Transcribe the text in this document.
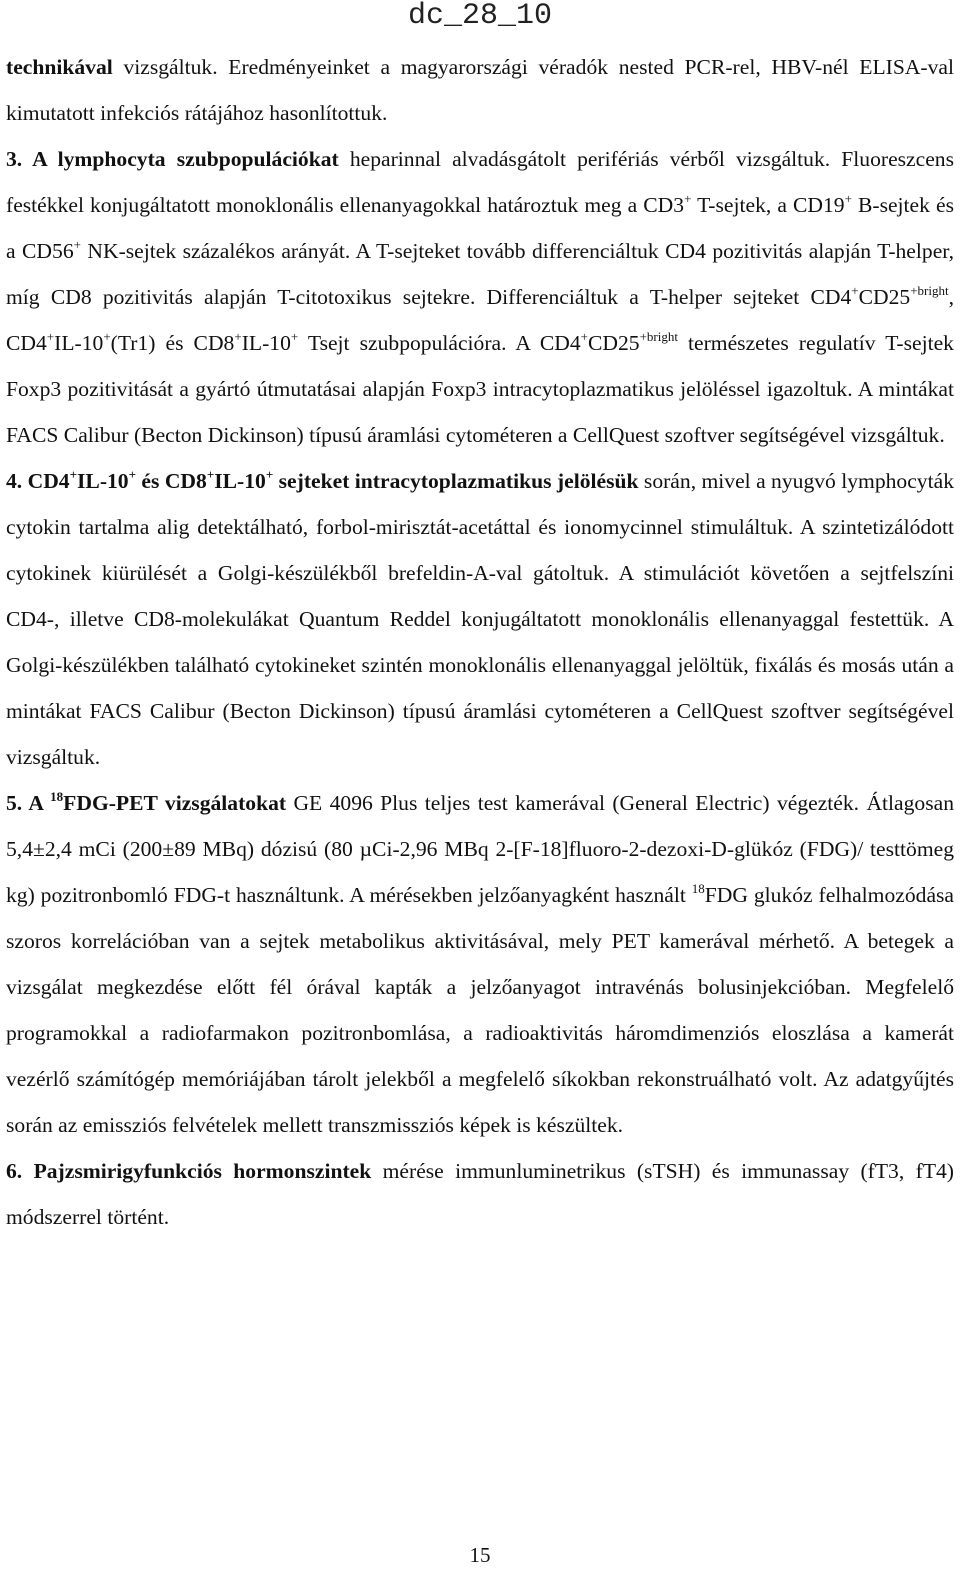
dc_28_10

technikával vizsgáltuk. Eredményeinket a magyarországi véradók nested PCR-rel, HBV-nél ELISA-val kimutatott infekciós rátájához hasonlítottuk.

3. A lymphocyta szubpopulációkat heparinnal alvadásgátolt perifériás vérből vizsgáltuk. Fluoreszcens festékkel konjugáltatott monoklonális ellenanyagokkal határoztuk meg a CD3+ T-sejtek, a CD19+ B-sejtek és a CD56+ NK-sejtek százalékos arányát. A T-sejteket tovább differenciáltuk CD4 pozitivitás alapján T-helper, míg CD8 pozitivitás alapján T-citotoxikus sejtekre. Differenciáltuk a T-helper sejteket $CD4^+CD25^{+bright}$, CD4+IL-10+(Tr1) és CD8+IL-10+ Tsejt szubpopulációra. A $CD4^+CD25^{+bright}$ természetes regulatív T-sejtek Foxp3 pozitivitását a gyártó útmutatásai alapján Foxp3 intracytoplazmatikus jelöléssel igazoltuk. A mintákat FACS Calibur (Becton Dickinson) típusú áramlási cytométeren a CellQuest szoftver segítségével vizsgáltuk.

4. CD4+IL-10+ és CD8+IL-10+ sejteket intracytoplazmatikus jelölésük során, mivel a nyugvó lymphocyták cytokin tartalma alig detektálható, forbol-mirisztát-acetáttal és ionomycinnel stimuláltuk. A szintetizálódott cytokinek kiürülését a Golgi-készülékből brefeldin-A-val gátoltuk. A stimulációt követően a sejtfelszíni CD4-, illetve CD8-molekulákat Quantum Reddel konjugáltatott monoklonális ellenanyaggal festettük. A Golgi-készülékben található cytokineket szintén monoklonális ellenanyaggal jelöltük, fixálás és mosás után a mintákat FACS Calibur (Becton Dickinson) típusú áramlási cytométeren a CellQuest szoftver segítségével vizsgáltuk.

5. A $^{18}$FDG-PET vizsgálatokat GE 4096 Plus teljes test kamerával (General Electric) végezték. Átlagosan 5,4±2,4 mCi (200±89 MBq) dózisú (80 µCi-2,96 MBq 2-[F-18]fluoro-2-dezoxi-D-glükóz (FDG)/ testtömeg kg) pozitronbomló FDG-t használtunk. A mérésekben jelzőanyagként használt $^{18}$FDG glukóz felhalmozódása szoros korrelációban van a sejtek metabolikus aktivitásával, mely PET kamerával mérhető. A betegek a vizsgálat megkezdése előtt fél órával kapták a jelzőanyagot intravénás bolusinjekcióban. Megfelelő programokkal a radiofarmakon pozitronbomlása, a radioaktivitás háromdimenziós eloszlása a kamerát vezérlő számítógép memóriájában tárolt jelekből a megfelelő síkokban rekonstruálható volt. Az adatgyűjtés során az emissziós felvételek mellett transzmissziós képek is készültek.

6. Pajzsmirigyfunkciós hormonszintek mérése immunluminetrikus (sTSH) és immunassay (fT3, fT4) módszerrel történt.

15
